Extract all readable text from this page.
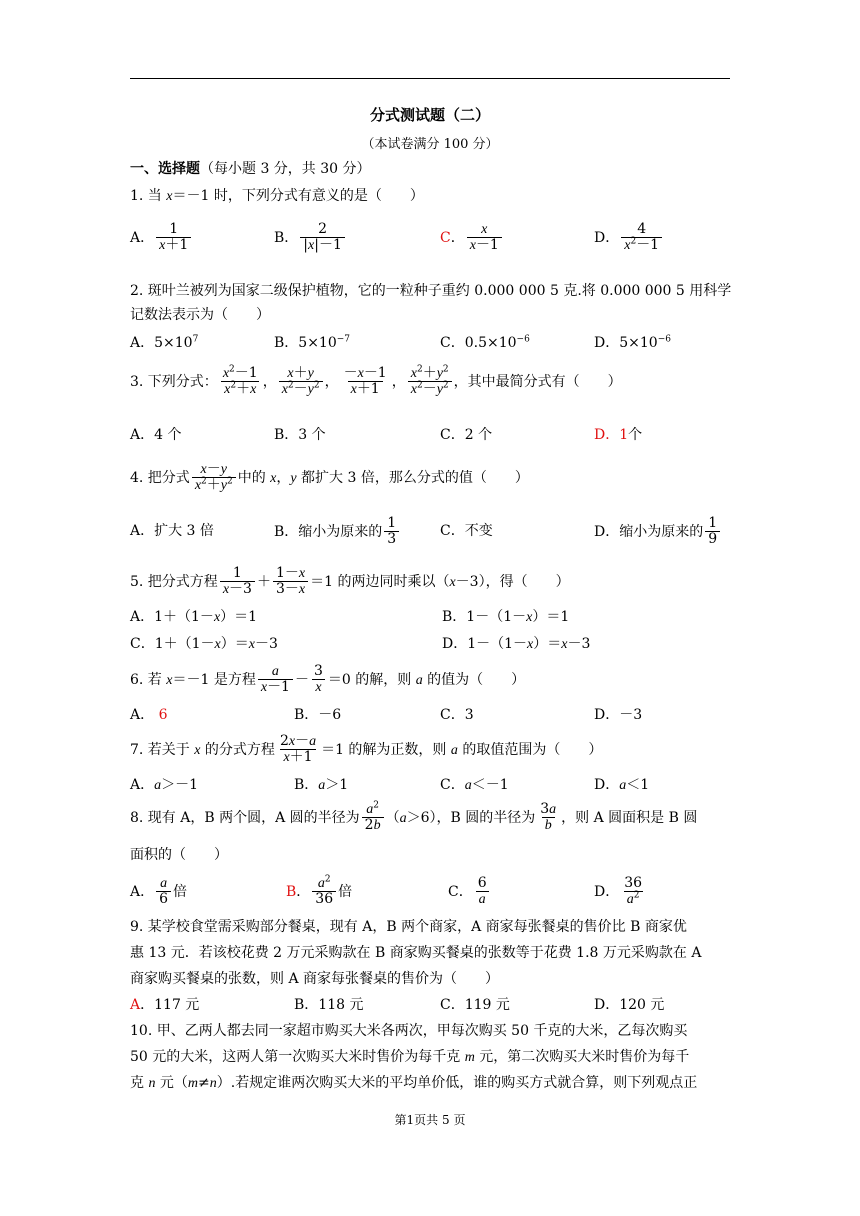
分式测试题（二）
（本试卷满分 100 分）
一、选择题（每小题 3 分，共 30 分）
1. 当 x＝－1 时，下列分式有意义的是（　　）
A． $\frac{1}{x+1}$	B． $\frac{2}{|x|-1}$	C． $\frac{x}{x-1}$	D． $\frac{4}{x^2-1}$
2. 斑叶兰被列为国家二级保护植物，它的一粒种子重约 0.000 000 5 克.将 0.000 000 5 用科学
记数法表示为（　　）
A．$5\times 10^7$	B．$5\times 10^{-7}$	C．$0.5\times 10^{-6}$	D．$5\times 10^{-6}$
3. 下列分式： $\frac{x^2-1}{x^2+x}$ ， $\frac{x+y}{x^2-y^2}$ ， $\frac{-x-1}{x+1}$ ， $\frac{x^2+y^2}{x^2-y^2}$ ，其中最简分式有（　　）
A．4 个	B．3 个	C．2 个	D．1个
4. 把分式 $\frac{x-y}{x^2+y^2}$ 中的 x，y 都扩大 3 倍，那么分式的值（　　）
A．扩大 3 倍	B．缩小为原来的 $\frac{1}{3}$	C．不变	D．缩小为原来的 $\frac{1}{9}$
5. 把分式方程 $\frac{1}{x-3} + \frac{1-x}{3-x} =1$ 的两边同时乘以（x－3），得（　　）
A．1＋（1－x）＝1	B．1－（1－x）＝1
C．1＋（1－x）＝x－3	D．1－（1－x）＝x－3
6. 若 x＝－1 是方程 $\frac{a}{x-1} - \frac{3}{x} =0$ 的解，则 a 的值为（　　）
A． 6	B．－6	C．3	D．－3
7. 若关于 x 的分式方程 $\frac{2x-a}{x+1} =1$ 的解为正数，则 a 的取值范围为（　　）
A．a＞－1	B．a＞1	C．a＜－1	D．a＜1
8. 现有 A，B 两个圆，A 圆的半径为 $\frac{a^2}{2b} (a>6)$，B 圆的半径为 $\frac{3a}{b}$ ，则 A 圆面积是 B 圆
面积的（　　）
A． $\frac{a}{6}$ 倍	B． $\frac{a^2}{36}$ 倍	C． $\frac{6}{a}$	D． $\frac{36}{a^2}$
9. 某学校食堂需采购部分餐桌，现有 A，B 两个商家，A 商家每张餐桌的售价比 B 商家优
惠 13 元．若该校花费 2 万元采购款在 B 商家购买餐桌的张数等于花费 1.8 万元采购款在 A
商家购买餐桌的张数，则 A 商家每张餐桌的售价为（　　）
A．117 元	B．118 元	C．119 元	D．120 元
10. 甲、乙两人都去同一家超市购买大米各两次，甲每次购买 50 千克的大米，乙每次购买
50 元的大米，这两人第一次购买大米时售价为每千克 m 元，第二次购买大米时售价为每千
克 n 元（m≠n）.若规定谁两次购买大米的平均单价低，谁的购买方式就合算，则下列观点正
第1页共 5 页
